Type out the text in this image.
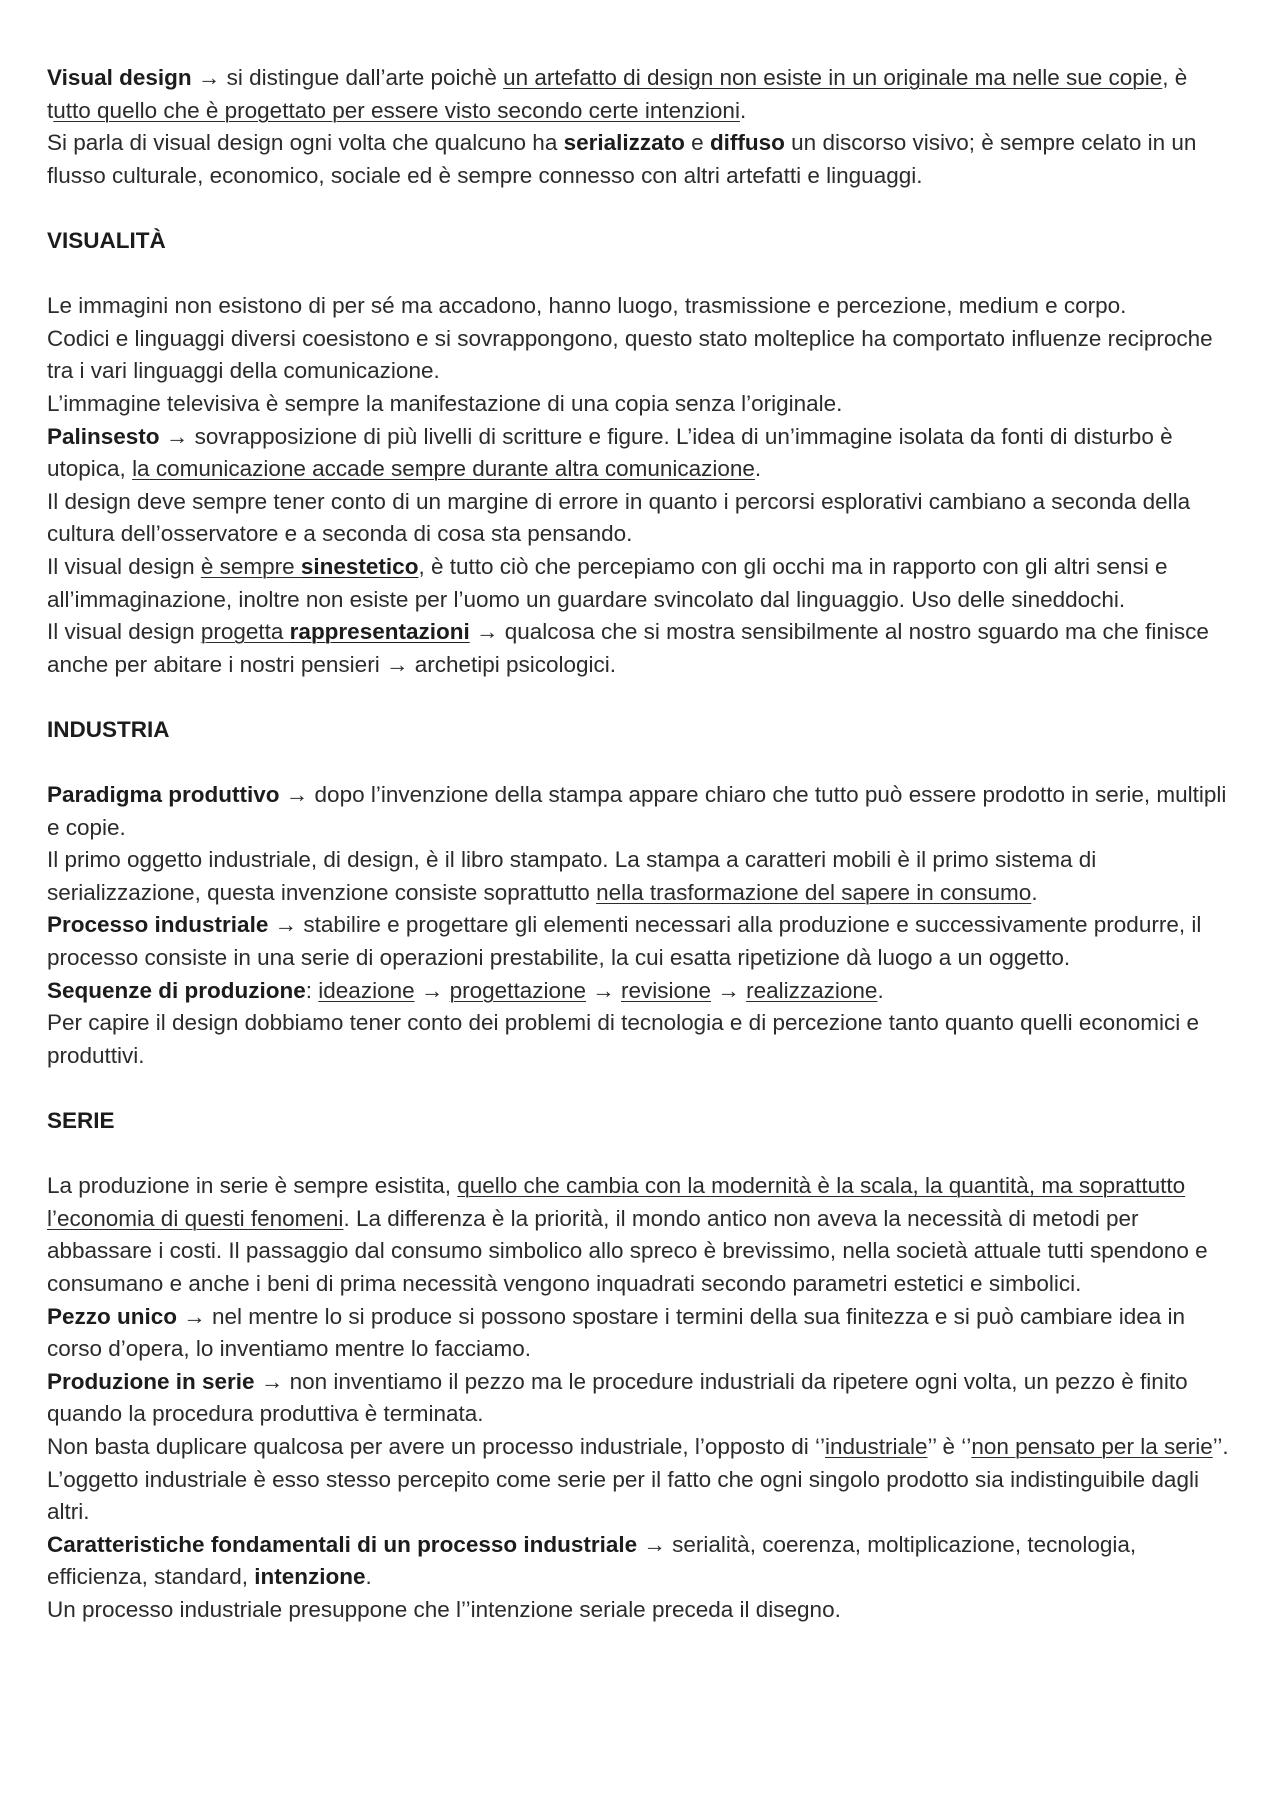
Visual design → si distingue dall’arte poichè un artefatto di design non esiste in un originale ma nelle sue copie, è tutto quello che è progettato per essere visto secondo certe intenzioni.

Si parla di visual design ogni volta che qualcuno ha serializzato e diffuso un discorso visivo; è sempre celato in un flusso culturale, economico, sociale ed è sempre connesso con altri artefatti e linguaggi.

VISUALITÀ

Le immagini non esistono di per sé ma accadono, hanno luogo, trasmissione e percezione, medium e corpo.

Codici e linguaggi diversi coesistono e si sovrappongono, questo stato molteplice ha comportato influenze reciproche tra i vari linguaggi della comunicazione.

L’immagine televisiva è sempre la manifestazione di una copia senza l’originale.

Palinsesto → sovrapposizione di più livelli di scritture e figure. L’idea di un’immagine isolata da fonti di disturbo è utopica, la comunicazione accade sempre durante altra comunicazione.

Il design deve sempre tener conto di un margine di errore in quanto i percorsi esplorativi cambiano a seconda della cultura dell’osservatore e a seconda di cosa sta pensando.

Il visual design è sempre sinestetico, è tutto ciò che percepiamo con gli occhi ma in rapporto con gli altri sensi e all’immaginazione, inoltre non esiste per l’uomo un guardare svincolato dal linguaggio. Uso delle sineddochi.

Il visual design progetta rappresentazioni → qualcosa che si mostra sensibilmente al nostro sguardo ma che finisce anche per abitare i nostri pensieri → archetipi psicologici.

INDUSTRIA

Paradigma produttivo → dopo l’invenzione della stampa appare chiaro che tutto può essere prodotto in serie, multipli e copie.

Il primo oggetto industriale, di design, è il libro stampato. La stampa a caratteri mobili è il primo sistema di serializzazione, questa invenzione consiste soprattutto nella trasformazione del sapere in consumo.

Processo industriale → stabilire e progettare gli elementi necessari alla produzione e successivamente produrre, il processo consiste in una serie di operazioni prestabilite, la cui esatta ripetizione dà luogo a un oggetto.

Sequenze di produzione: ideazione → progettazione → revisione → realizzazione.

Per capire il design dobbiamo tener conto dei problemi di tecnologia e di percezione tanto quanto quelli economici e produttivi.

SERIE

La produzione in serie è sempre esistita, quello che cambia con la modernità è la scala, la quantità, ma soprattutto l’economia di questi fenomeni. La differenza è la priorità, il mondo antico non aveva la necessità di metodi per abbassare i costi. Il passaggio dal consumo simbolico allo spreco è brevissimo, nella società attuale tutti spendono e consumano e anche i beni di prima necessità vengono inquadrati secondo parametri estetici e simbolici.

Pezzo unico → nel mentre lo si produce si possono spostare i termini della sua finitezza e si può cambiare idea in corso d’opera, lo inventiamo mentre lo facciamo.

Produzione in serie → non inventiamo il pezzo ma le procedure industriali da ripetere ogni volta, un pezzo è finito quando la procedura produttiva è terminata.

Non basta duplicare qualcosa per avere un processo industriale, l’opposto di ‘’industriale’’ è ‘’non pensato per la serie’’. L’oggetto industriale è esso stesso percepito come serie per il fatto che ogni singolo prodotto sia indistinguibile dagli altri.

Caratteristiche fondamentali di un processo industriale → serialità, coerenza, moltiplicazione, tecnologia, efficienza, standard, intenzione.

Un processo industriale presuppone che l’’intenzione seriale preceda il disegno.
